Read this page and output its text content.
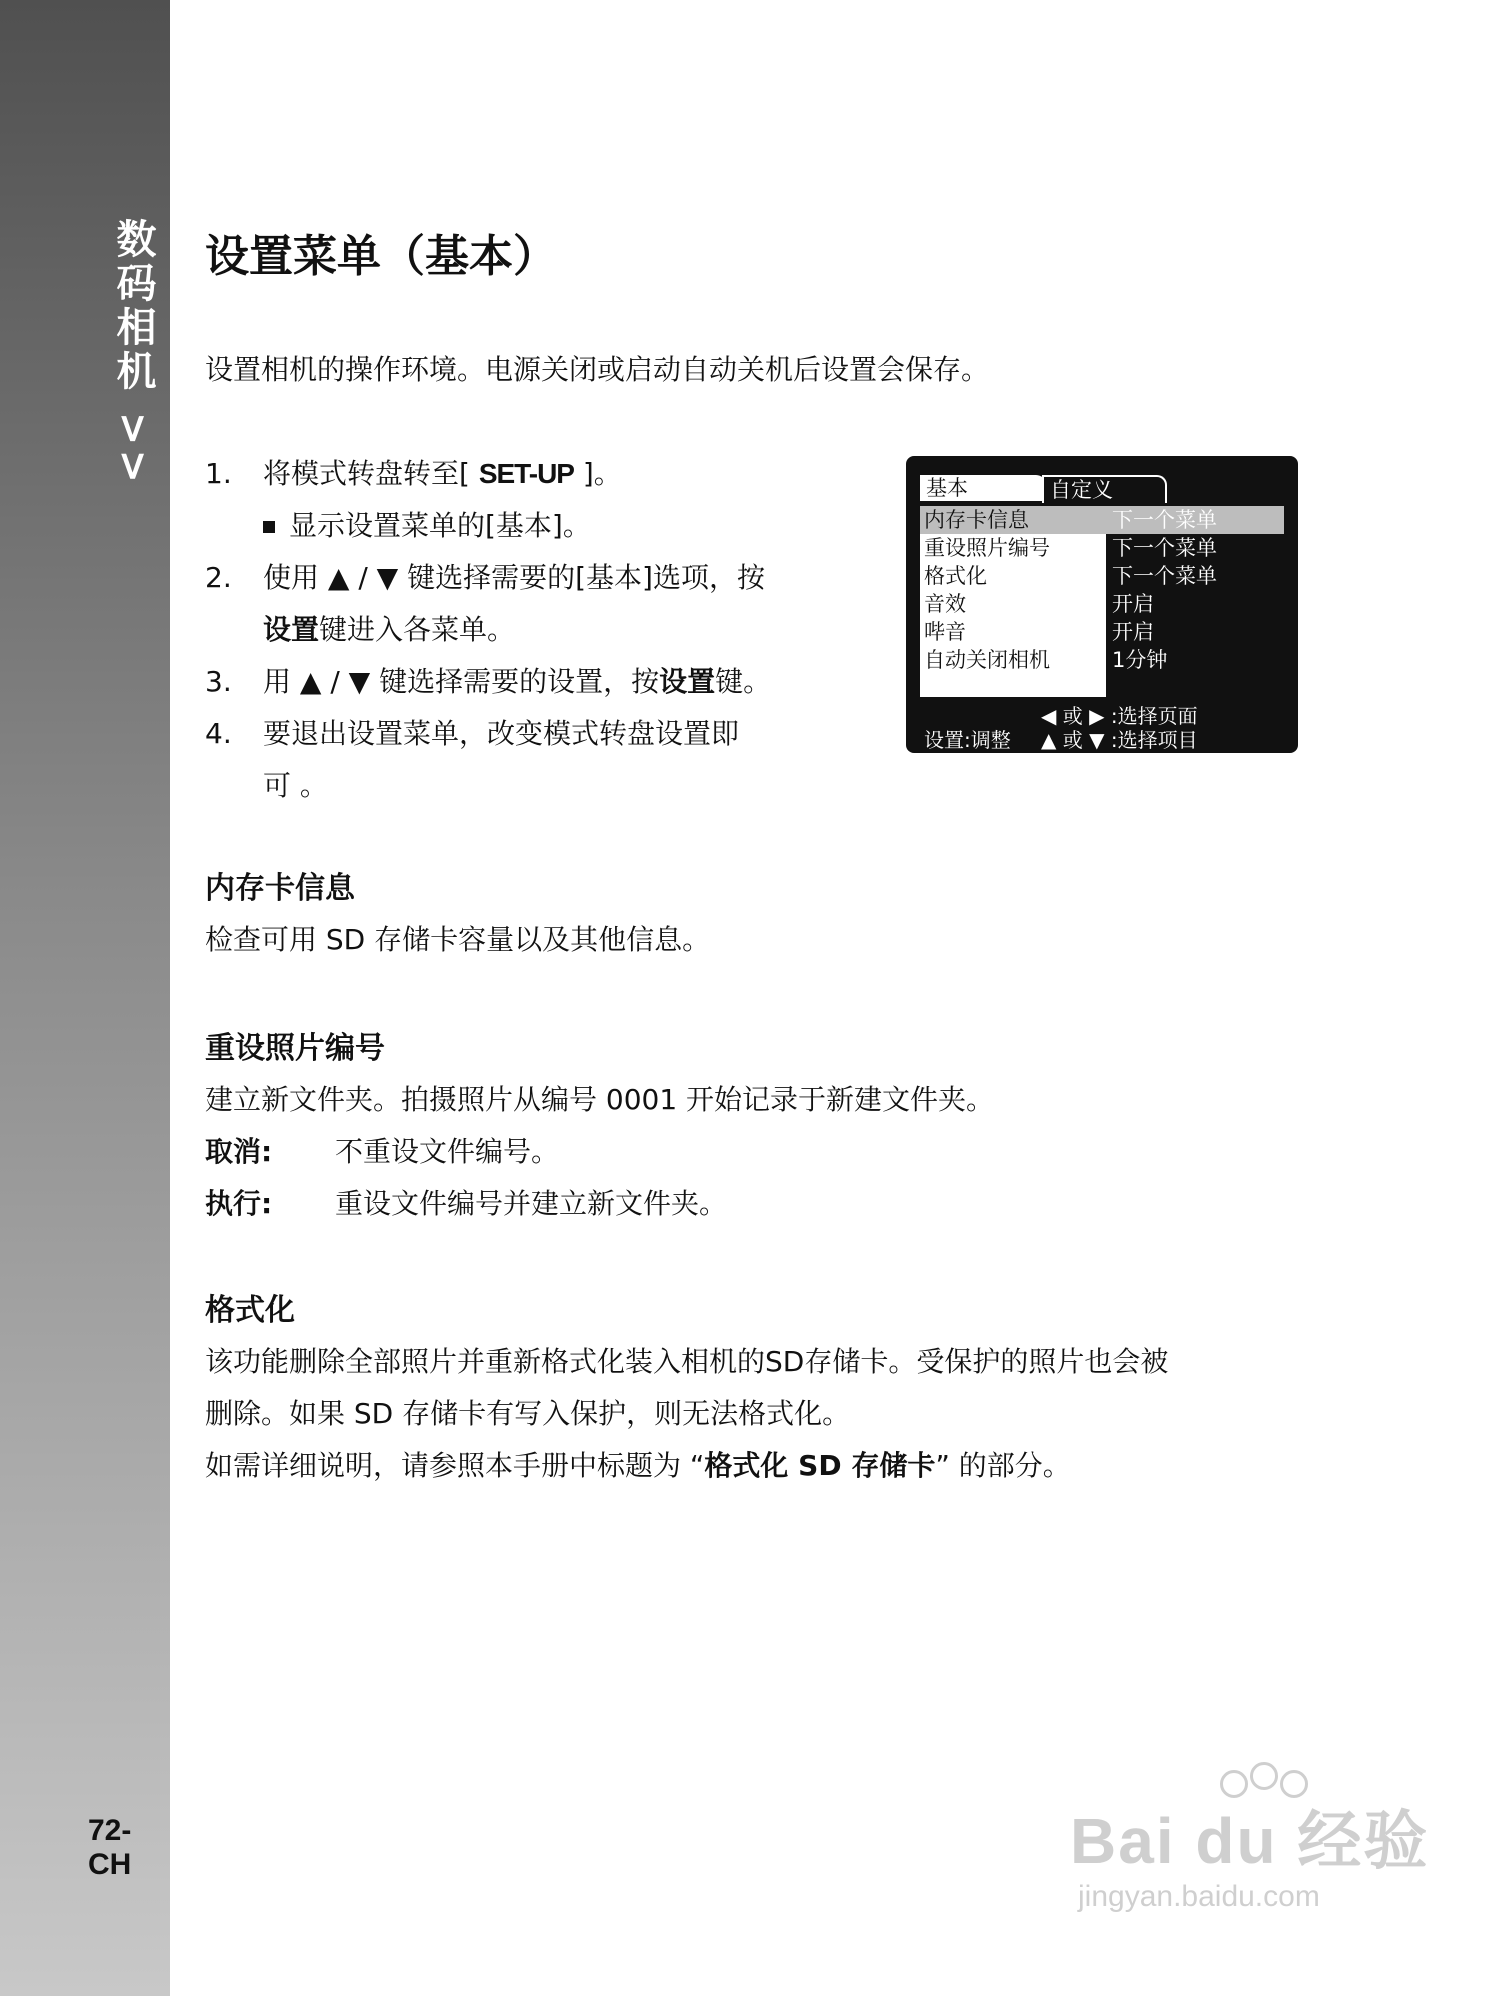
数码相机 >>
72-CH
设置菜单（基本）

设置相机的操作环境。电源关闭或启动自动关机后设置会保存。

1.	将模式转盘转至[ SET-UP ]。
显示设置菜单的[基本]。
2.	使用 ▲ / ▼ 键选择需要的[基本]选项，按
设置键进入各菜单。
3.	用 ▲ / ▼ 键选择需要的设置，按设置键。
4.	要退出设置菜单，改变模式转盘设置即
可 。
基本	自定义
内存卡信息	下一个菜单
重设照片编号	下一个菜单
格式化	下一个菜单
音效	开启
哔音	开启
自动关闭相机	1分钟
◀ 或 ▶ :选择页面
设置:调整 ▲ 或 ▼ :选择项目
内存卡信息

检查可用 SD 存储卡容量以及其他信息。

重设照片编号

建立新文件夹。拍摄照片从编号 0001 开始记录于新建文件夹。

取消: 不重设文件编号。
执行: 重设文件编号并建立新文件夹。
格式化

该功能删除全部照片并重新格式化装入相机的SD存储卡。受保护的照片也会被

删除。如果 SD 存储卡有写入保护，则无法格式化。

如需详细说明，请参照本手册中标题为 “格式化 SD 存储卡” 的部分。

Bai du 经验
jingyan.baidu.com
